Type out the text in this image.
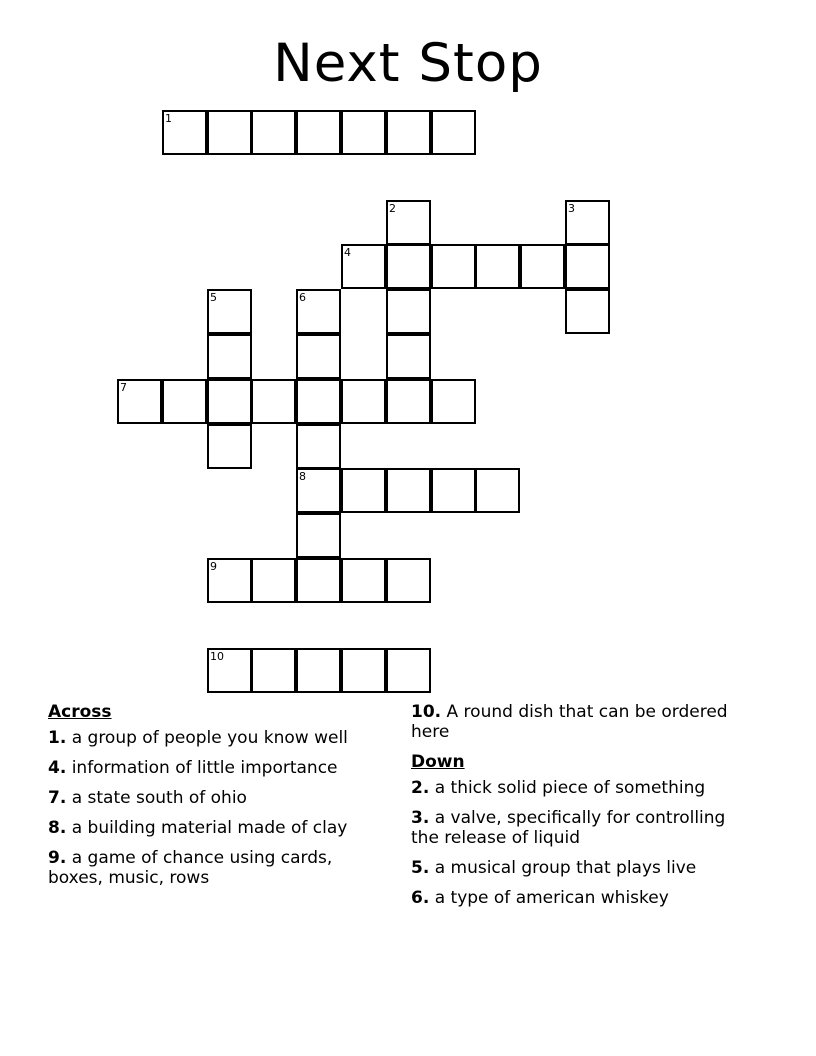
Next Stop
1
4
7
8
9
10
2	3
5	6
Across
1. a group of people you know well
4. information of little importance
7. a state south of ohio
8. a building material made of clay
9. a game of chance using cards, boxes, music, rows
10. A round dish that can be ordered here
Down
2. a thick solid piece of something
3. a valve, specifically for controlling the release of liquid
5. a musical group that plays live
6. a type of american whiskey
